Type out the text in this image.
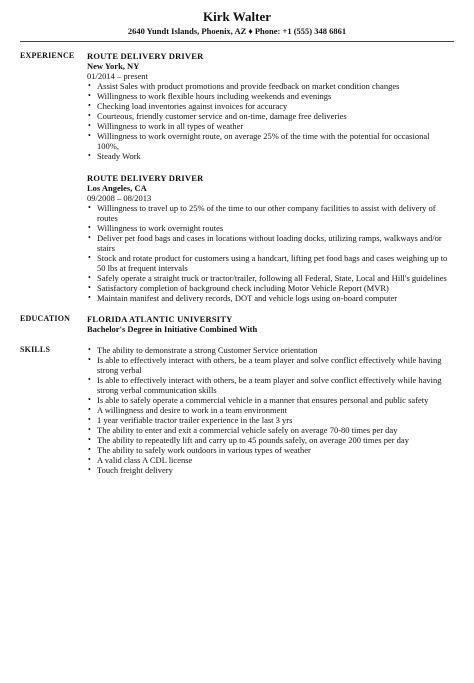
Kirk Walter
2640 Yundt Islands, Phoenix, AZ ♦ Phone: +1 (555) 348 6861
EXPERIENCE ROUTE DELIVERY DRIVER
New York, NY
01/2014 – present
• Assist Sales with product promotions and provide feedback on market condition changes
• Willingness to work flexible hours including weekends and evenings
• Checking load inventories against invoices for accuracy
• Courteous, friendly customer service and on-time, damage free deliveries
• Willingness to work in all types of weather
• Willingness to work overnight route, on average 25% of the time with the potential for occasional 100%,
• Steady Work
ROUTE DELIVERY DRIVER
Los Angeles, CA
09/2008 – 08/2013
• Willingness to travel up to 25% of the time to our other company facilities to assist with delivery of routes
• Willingness to work overnight routes
• Deliver pet food bags and cases in locations without loading docks, utilizing ramps, walkways and/or stairs
• Stock and rotate product for customers using a handcart, lifting pet food bags and cases weighing up to 50 lbs at frequent intervals
• Safely operate a straight truck or tractor/trailer, following all Federal, State, Local and Hill's guidelines
• Satisfactory completion of background check including Motor Vehicle Report (MVR)
• Maintain manifest and delivery records, DOT and vehicle logs using on-board computer
EDUCATION FLORIDA ATLANTIC UNIVERSITY
Bachelor's Degree in Initiative Combined With
SKILLS	• The ability to demonstrate a strong Customer Service orientation
• Is able to effectively interact with others, be a team player and solve conflict effectively while having strong verbal
• Is able to effectively interact with others, be a team player and solve conflict effectively while having strong verbal communication skills
• Is able to safely operate a commercial vehicle in a manner that ensures personal and public safety
• A willingness and desire to work in a team environment
• 1 year verifiable tractor trailer experience in the last 3 yrs
• The ability to enter and exit a commercial vehicle safely on average 70-80 times per day
• The ability to repeatedly lift and carry up to 45 pounds safely, on average 200 times per day
• The ability to safely work outdoors in various types of weather
• A valid class A CDL license
• Touch freight delivery
